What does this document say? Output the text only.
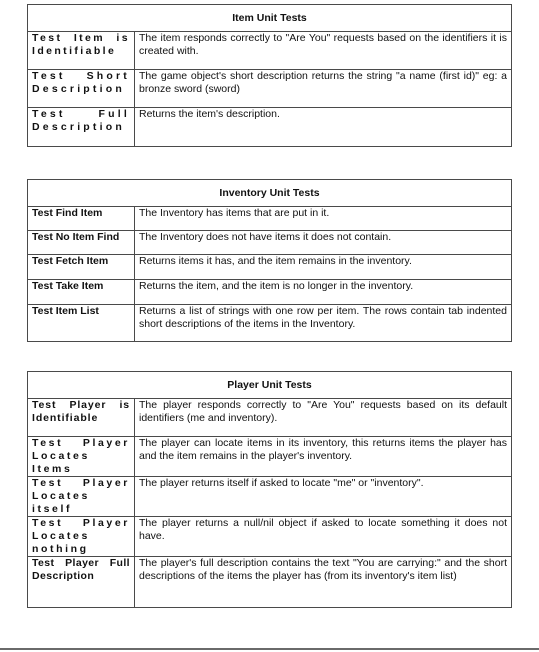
Item Unit Tests	
Test Item is Identifiable	The item responds correctly to "Are You" requests based on the identifiers it is created with.
Test Short Description	The game object's short description returns the string "a name (first id)" eg: a bronze sword (sword)
Test Full Description	Returns the item's description.
Inventory Unit Tests	
Test Find Item	The Inventory has items that are put in it.
Test No Item Find	The Inventory does not have items it does not contain.
Test Fetch Item	Returns items it has, and the item remains in the inventory.
Test Take Item	Returns the item, and the item is no longer in the inventory.
Test Item List	Returns a list of strings with one row per item. The rows contain tab indented short descriptions of the items in the Inventory.
Player Unit Tests	
Test Player is Identifiable	The player responds correctly to "Are You" requests based on its default identifiers (me and inventory).
Test Player Locates Items	The player can locate items in its inventory, this returns items the player has and the item remains in the player's inventory.
Test Player Locates itself	The player returns itself if asked to locate "me" or "inventory".
Test Player Locates nothing	The player returns a null/nil object if asked to locate something it does not have.
Test Player Full Description	The player's full description contains the text "You are carrying:" and the short descriptions of the items the player has (from its inventory's item list)
